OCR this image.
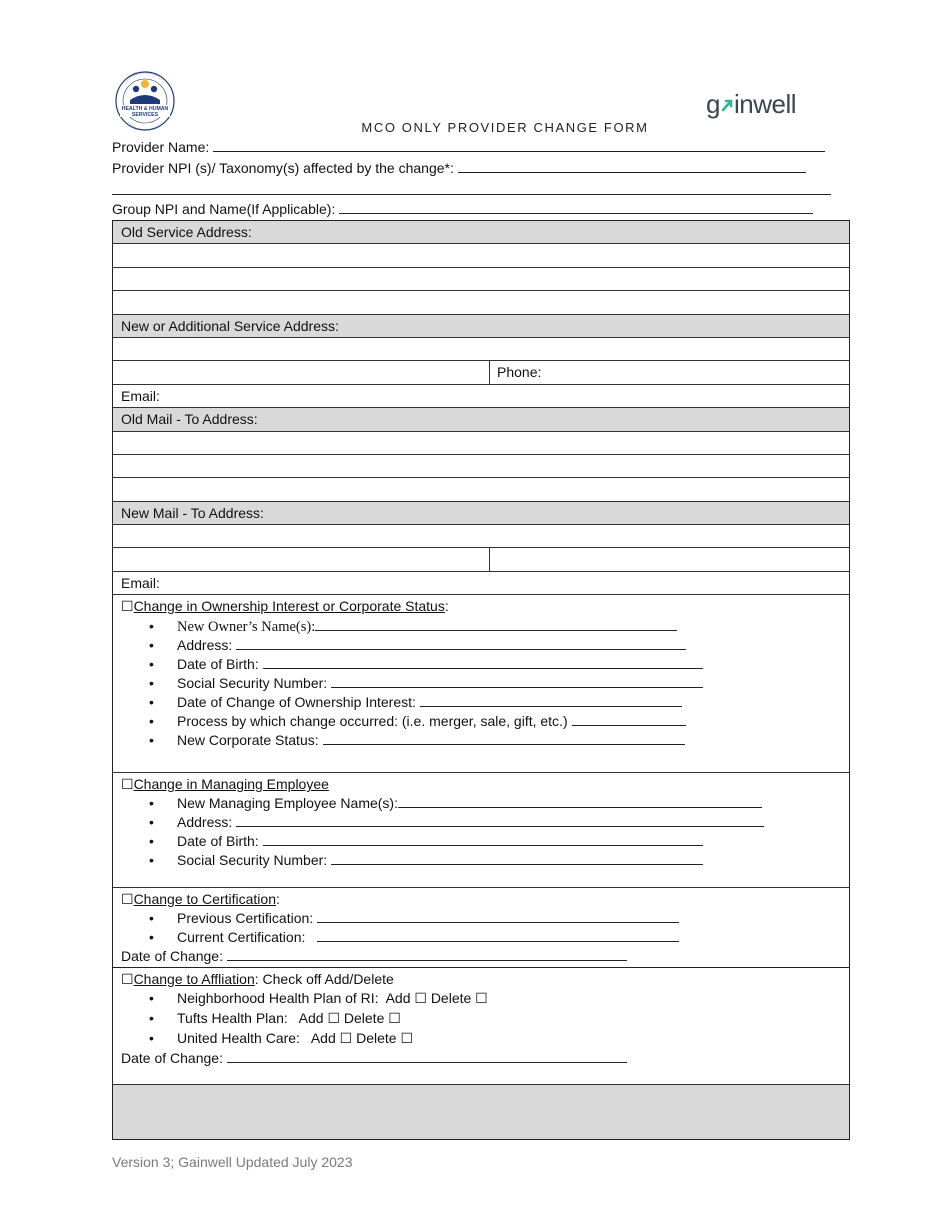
HEALTH & HUMAN
SERVICES	g inwell
MCO ONLY PROVIDER CHANGE FORM
Provider Name:
Provider NPI (s)/ Taxonomy(s) affected by the change*:
Group NPI and Name(If Applicable):
Old Service Address:
New or Additional Service Address:
Phone:
Email:
Old Mail - To Address:
New Mail - To Address:
Email:
☐Change in Ownership Interest or Corporate Status:
• New Owner’s Name(s):
• Address:
• Date of Birth:
• Social Security Number:
• Date of Change of Ownership Interest:
• Process by which change occurred: (i.e. merger, sale, gift, etc.)
• New Corporate Status:
☐Change in Managing Employee
• New Managing Employee Name(s):
• Address:
• Date of Birth:
• Social Security Number:
☐Change to Certification:
• Previous Certification:
• Current Certification:
Date of Change:
☐Change to Affliation: Check off Add/Delete
• Neighborhood Health Plan of RI:  Add ☐ Delete ☐
• Tufts Health Plan:   Add ☐ Delete ☐
• United Health Care:   Add ☐ Delete ☐
Date of Change:
Version 3; Gainwell Updated July 2023
